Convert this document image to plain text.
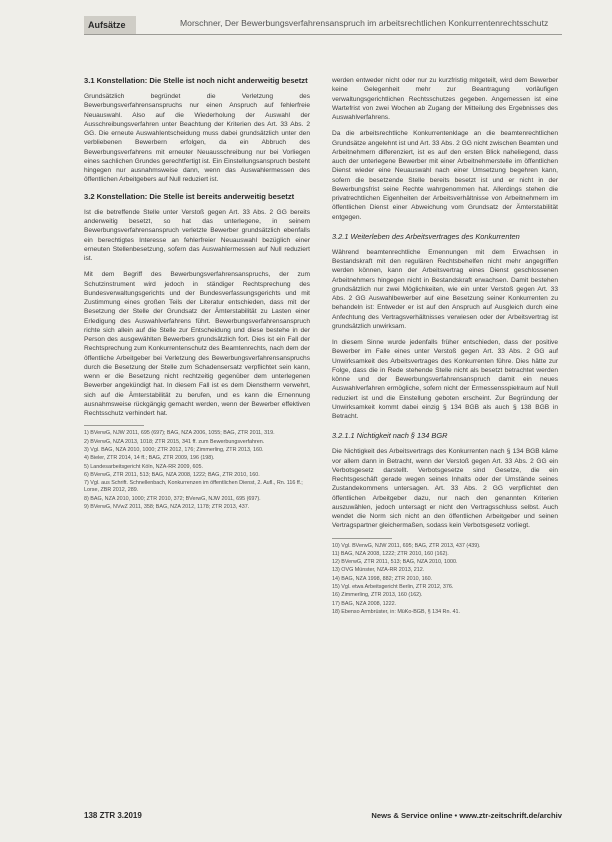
Aufsätze	Morschner, Der Bewerbungsverfahrensanspruch im arbeitsrechtlichen Konkurrentenrechtsschutz
3.1 Konstellation: Die Stelle ist noch nicht anderweitig besetzt

Grundsätzlich begründet die Verletzung des Bewerbungsverfahrensanspruchs nur einen Anspruch auf fehlerfreie Neuauswahl. Also auf die Wiederholung der Auswahl der Ausschreibungsverfahren unter Beachtung der Kriterien des Art. 33 Abs. 2 GG. Die erneute Auswahlentscheidung muss dabei grundsätzlich unter den verbliebenen Bewerbern erfolgen, da ein Abbruch des Bewerbungsverfahrens mit erneuter Neuausschreibung nur bei Vorliegen eines sachlichen Grundes gerechtfertigt ist. Ein Einstellungsanspruch besteht hingegen nur ausnahmsweise dann, wenn das Auswahlermessen des öffentlichen Arbeitgebers auf Null reduziert ist.

3.2 Konstellation: Die Stelle ist bereits anderweitig besetzt

Ist die betreffende Stelle unter Verstoß gegen Art. 33 Abs. 2 GG bereits anderweitig besetzt, so hat das unterlegene, in seinem Bewerbungsverfahrensanspruch verletzte Bewerber grundsätzlich ebenfalls ein berechtigtes Interesse an fehlerfreier Neuauswahl bezüglich einer erneuten Stellenbesetzung, sofern das Auswahlermessen auf Null reduziert ist.

Mit dem Begriff des Bewerbungsverfahrensanspruchs, der zum Schutzinstrument wird jedoch in ständiger Rechtsprechung des Bundesverwaltungsgerichts und der Bundesverfassungsgerichts und mit Zustimmung eines großen Teils der Literatur entschieden, dass mit der Besetzung der Stelle der Grundsatz der Ämterstabilität zu Lasten einer Erledigung des Auswahlverfahrens führt. Bewerbungsverfahrensanspruch richte sich allein auf die Stelle zur Entscheidung und diese bestehe in der Person des ausgewählten Bewerbers grundsätzlich fort. Dies ist ein Fall der Rechtsprechung zum Konkurrentenschutz des Beamtenrechts, nach dem der öffentliche Arbeitgeber bei Verletzung des Bewerbungsverfahrensanspruchs durch die Besetzung der Stelle zum Schadensersatz verpflichtet sein kann, wenn er die Besetzung nicht rechtzeitig gegenüber dem unterlegenen Bewerber angekündigt hat. In diesem Fall ist es dem Dienstherrn verwehrt, sich auf die Ämterstabilität zu berufen, und es kann die Ernennung ausnahmsweise rückgängig gemacht werden, wenn der Bewerber effektiven Rechtsschutz verhindert hat.

1) BVerwG, NJW 2011, 695 (697); BAG, NZA 2006, 1055; BAG, ZTR 2011, 319.
2) BVerwG, NZA 2013, 1018; ZTR 2015, 341 ff. zum Bewerbungsverfahren.
3) Vgl. BAG, NZA 2010, 1000; ZTR 2012, 176; Zimmerling, ZTR 2013, 160.
4) Bieler, ZTR 2014, 14 ff.; BAG, ZTR 2009, 196 (198).
5) Landesarbeitsgericht Köln, NZA-RR 2009, 605.
6) BVerwG, ZTR 2011, 513; BAG, NZA 2008, 1222; BAG, ZTR 2010, 160.
7) Vgl. aus Schrift. Schnellenbach, Konkurrenzen im öffentlichen Dienst, 2. Aufl., Rn. 116 ff.; Lorse, ZBR 2012, 289.
8) BAG, NZA 2010, 1000; ZTR 2010, 372; BVerwG, NJW 2011, 695 (697).
9) BVerwG, NVwZ 2011, 358; BAG, NZA 2012, 1178; ZTR 2013, 437.

werden entweder nicht oder nur zu kurzfristig mitgeteilt, wird dem Bewerber keine Gelegenheit mehr zur Beantragung vorläufigen verwaltungsgerichtlichen Rechtsschutzes gegeben. Angemessen ist eine Wartefrist von zwei Wochen ab Zugang der Mitteilung des Ergebnisses des Auswahlverfahrens.

Da die arbeitsrechtliche Konkurrentenklage an die beamtenrechtlichen Grundsätze angelehnt ist und Art. 33 Abs. 2 GG nicht zwischen Beamten und Arbeitnehmern differenziert, ist es auf den ersten Blick naheliegend, dass auch der unterlegene Bewerber mit einer Arbeitnehmerstelle im öffentlichen Dienst wieder eine Neuauswahl nach einer Umsetzung begehren kann, sofern die besetzende Stelle bereits besetzt ist und er nicht in der Bewerbungsfrist seine Rechte wahrgenommen hat. Allerdings stehen die privatrechtlichen Eigenheiten der Arbeitsverhältnisse von Arbeitnehmern im öffentlichen Dienst einer Abweichung vom Grundsatz der Ämterstabilität entgegen.

3.2.1 Weiterleben des Arbeitsvertrages des Konkurrenten

Während beamtenrechtliche Ernennungen mit dem Erwachsen in Bestandskraft mit den regulären Rechtsbehelfen nicht mehr angegriffen werden können, kann der Arbeitsvertrag eines Dienst geschlossenen Arbeitnehmers hingegen nicht in Bestandskraft erwachsen. Damit bestehen grundsätzlich nur zwei Möglichkeiten, wie ein unter Verstoß gegen Art. 33 Abs. 2 GG Auswahlbewerber auf eine Besetzung seiner Konkurrenten zu behandeln ist: Entweder er ist auf den Anspruch auf Ausgleich durch eine Anfechtung des Vertragsverhältnisses verwiesen oder der Arbeitsvertrag ist grundsätzlich unwirksam.

In diesem Sinne wurde jedenfalls früher entschieden, dass der positive Bewerber im Falle eines unter Verstoß gegen Art. 33 Abs. 2 GG auf Unwirksamkeit des Arbeitsvertrages des Konkurrenten führe. Dies hätte zur Folge, dass die in Rede stehende Stelle nicht als besetzt betrachtet werden könne und der Bewerbungsverfahrensanspruch damit ein neues Auswahlverfahren ermögliche, sofern nicht der Ermessensspielraum auf Null reduziert ist und die Einstellung geboten erscheint. Zur Begründung der Unwirksamkeit kommt dabei einzig § 134 BGB als auch § 138 BGB in Betracht.

3.2.1.1 Nichtigkeit nach § 134 BGR

Die Nichtigkeit des Arbeitsvertrags des Konkurrenten nach § 134 BGB käme vor allem dann in Betracht, wenn der Verstoß gegen Art. 33 Abs. 2 GG ein Verbotsgesetz darstellt. Verbotsgesetze sind Gesetze, die ein Rechtsgeschäft gerade wegen seines Inhalts oder der Umstände seines Zustandekommens untersagen. Art. 33 Abs. 2 GG verpflichtet den öffentlichen Arbeitgeber dazu, nur nach den genannten Kriterien auszuwählen, jedoch untersagt er nicht den Vertragsschluss selbst. Auch wendet die Norm sich nicht an den öffentlichen Arbeitgeber und seinen Vertragspartner gleichermaßen, sodass kein Verbotsgesetz vorliegt.

10) Vgl. BVerwG, NJW 2011, 695; BAG, ZTR 2013, 437 (439).
11) BAG, NZA 2008, 1222; ZTR 2010, 160 (162).
12) BVerwG, ZTR 2011, 513; BAG, NZA 2010, 1000.
13) OVG Münster, NZA-RR 2013, 212.
14) BAG, NZA 1998, 882; ZTR 2010, 160.
15) Vgl. etwa Arbeitsgericht Berlin, ZTR 2012, 376.
16) Zimmerling, ZTR 2013, 160 (162).
17) BAG, NZA 2008, 1222.
18) Ebenso Armbrüster, in: MüKo-BGB, § 134 Rn. 41.
138 ZTR 3.2019	News & Service online • www.ztr-zeitschrift.de/archiv
